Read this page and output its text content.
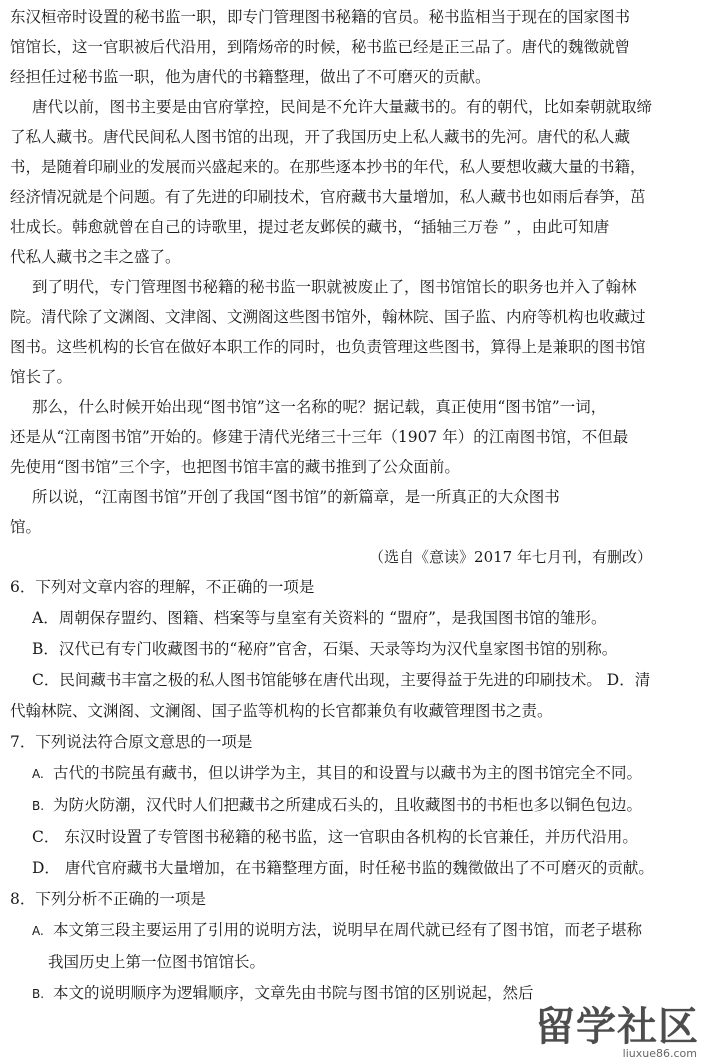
东汉桓帝时设置的秘书监一职，即专门管理图书秘籍的官员。秘书监相当于现在的国家图书
馆馆长，这一官职被后代沿用，到隋炀帝的时候，秘书监已经是正三品了。唐代的魏徵就曾
经担任过秘书监一职，他为唐代的书籍整理，做出了不可磨灭的贡献。

唐代以前，图书主要是由官府掌控，民间是不允许大量藏书的。有的朝代，比如秦朝就取缔
了私人藏书。唐代民间私人图书馆的出现，开了我国历史上私人藏书的先河。唐代的私人藏
书，是随着印刷业的发展而兴盛起来的。在那些逐本抄书的年代，私人要想收藏大量的书籍，
经济情况就是个问题。有了先进的印刷技术，官府藏书大量增加，私人藏书也如雨后春笋，茁
壮成长。韩愈就曾在自己的诗歌里，提过老友邺侯的藏书，“插轴三万卷 ” ，由此可知唐
代私人藏书之丰之盛了。

到了明代，专门管理图书秘籍的秘书监一职就被废止了，图书馆馆长的职务也并入了翰林
院。清代除了文渊阁、文津阁、文溯阁这些图书馆外，翰林院、国子监、内府等机构也收藏过
图书。这些机构的长官在做好本职工作的同时，也负责管理这些图书，算得上是兼职的图书馆
馆长了。

那么，什么时候开始出现“图书馆”这一名称的呢？据记载，真正使用“图书馆”一词，
还是从“江南图书馆”开始的。修建于清代光绪三十三年（1907 年）的江南图书馆，不但最
先使用“图书馆”三个字，也把图书馆丰富的藏书推到了公众面前。

所以说，“江南图书馆”开创了我国“图书馆”的新篇章，是一所真正的大众图书
馆。

（选自《意读》2017 年七月刊，有删改）

6．下列对文章内容的理解，不正确的一项是

A．周朝保存盟约、图籍、档案等与皇室有关资料的 “盟府”，是我国图书馆的雏形。

B．汉代已有专门收藏图书的“秘府”官舍，石渠、天录等均为汉代皇家图书馆的别称。

C．民间藏书丰富之极的私人图书馆能够在唐代出现，主要得益于先进的印刷技术。 D．清

代翰林院、文渊阁、文澜阁、国子监等机构的长官都兼负有收藏管理图书之责。

7．下列说法符合原文意思的一项是

A. 古代的书院虽有藏书，但以讲学为主，其目的和设置与以藏书为主的图书馆完全不同。

B. 为防火防潮，汉代时人们把藏书之所建成石头的，且收藏图书的书柜也多以铜色包边。

C． 东汉时设置了专管图书秘籍的秘书监，这一官职由各机构的长官兼任，并历代沿用。

D． 唐代官府藏书大量增加，在书籍整理方面，时任秘书监的魏徵做出了不可磨灭的贡献。

8．下列分析不正确的一项是

A. 本文第三段主要运用了引用的说明方法，说明早在周代就已经有了图书馆，而老子堪称

我国历史上第一位图书馆馆长。

B. 本文的说明顺序为逻辑顺序，文章先由书院与图书馆的区别说起，然后

留学社区
liuxue86.com
